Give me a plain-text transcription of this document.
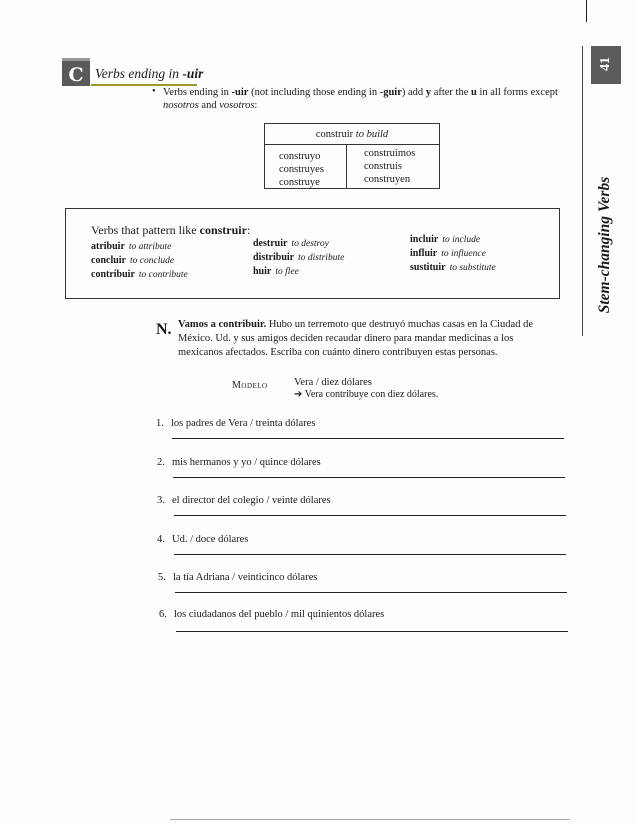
C Verbs ending in -uir
• Verbs ending in -uir (not including those ending in -guir) add y after the u in all forms except nosotros and vosotros:
construir to build
construyo
construyes
construye
construimos
construís
construyen
Verbs that pattern like construir:
atribuir to attribute
concluir to conclude
contribuir to contribute
destruir to destroy
distribuir to distribute
huir to flee
incluir to include
influir to influence
sustituir to substitute
41
Stem-changing Verbs
N. Vamos a contribuir. Hubo un terremoto que destruyó muchas casas en la Ciudad de México. Ud. y sus amigos deciden recaudar dinero para mandar medicinas a los mexicanos afectados. Escriba con cuánto dinero contribuyen estas personas.
Modelo	Vera / diez dólares
➔ Vera contribuye con diez dólares.
1. los padres de Vera / treinta dólares
2. mis hermanos y yo / quince dólares
3. el director del colegio / veinte dólares
4. Ud. / doce dólares
5. la tía Adriana / veinticinco dólares
6. los ciudadanos del pueblo / mil quinientos dólares
